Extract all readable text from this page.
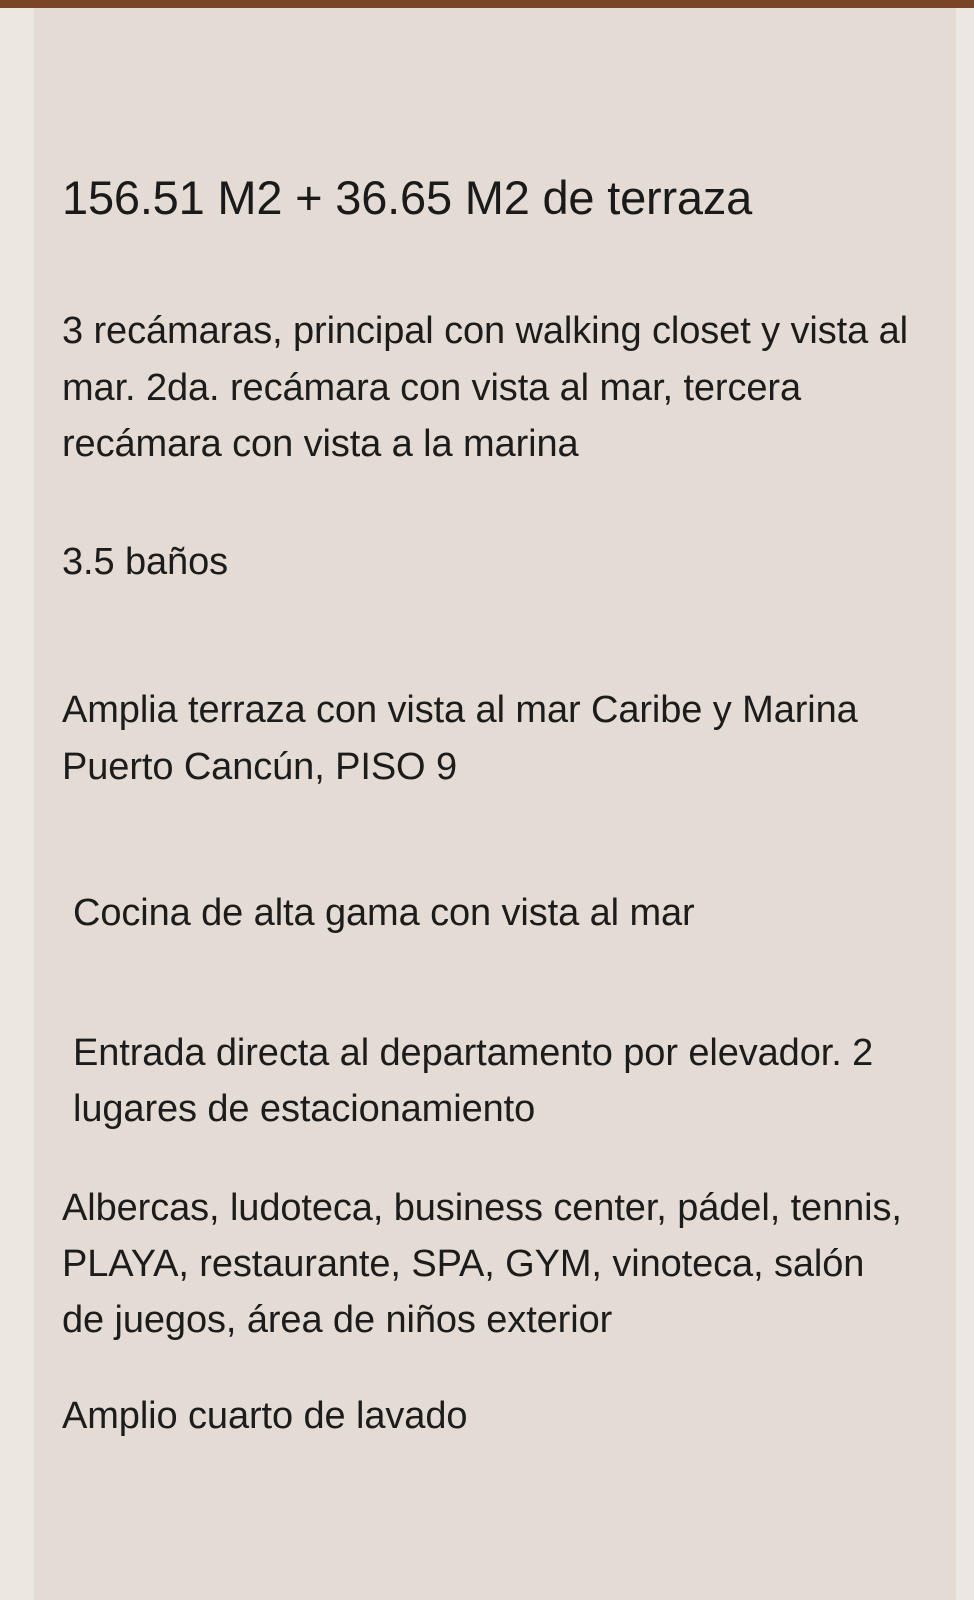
156.51 M2 + 36.65 M2 de terraza

3 recámaras, principal con walking closet y vista al mar. 2da. recámara con vista al mar, tercera recámara con vista a la marina

3.5 baños

Amplia terraza con vista al mar Caribe y Marina Puerto Cancún, PISO 9

Cocina de alta gama con vista al mar

Entrada directa al departamento por elevador. 2 lugares de estacionamiento

Albercas, ludoteca, business center, pádel, tennis, PLAYA, restaurante, SPA, GYM, vinoteca, salón de juegos, área de niños exterior

Amplio cuarto de lavado
